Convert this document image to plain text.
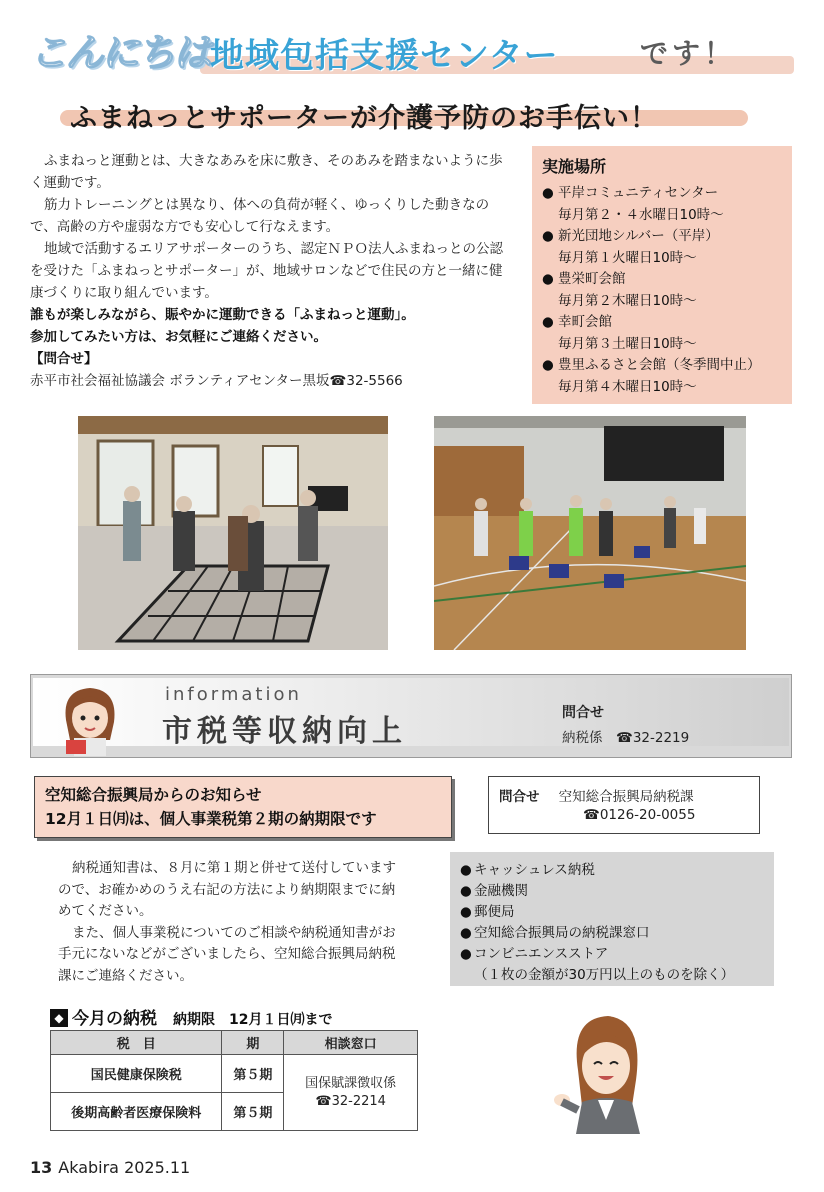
こんにちは 地域包括支援センター	です！
ふまねっとサポーターが介護予防のお手伝い！

ふまねっと運動とは、大きなあみを床に敷き、そのあみを踏まないように歩く運動です。

筋力トレーニングとは異なり、体への負荷が軽く、ゆっくりした動きなので、高齢の方や虚弱な方でも安心して行なえます。

地域で活動するエリアサポーターのうち、認定ＮＰＯ法人ふまねっとの公認を受けた「ふまねっとサポーター」が、地域サロンなどで住民の方と一緒に健康づくりに取り組んでいます。

誰もが楽しみながら、賑やかに運動できる「ふまねっと運動」。

参加してみたい方は、お気軽にご連絡ください。

【問合せ】

赤平市社会福祉協議会 ボランティアセンター黒坂☎32-5566

実施場所
● 平岸コミュニティセンター
毎月第２・４水曜日10時～
● 新光団地シルバー（平岸）
毎月第１火曜日10時～
● 豊栄町会館
毎月第２木曜日10時～
● 幸町会館
毎月第３土曜日10時～
● 豊里ふるさと会館（冬季間中止）
毎月第４木曜日10時～
information
市税等収納向上
問合せ
納税係　☎32-2219
空知総合振興局からのお知らせ
12月１日㈪は、個人事業税第２期の納期限です
問合せ 空知総合振興局納税課
☎0126-20-0055

納税通知書は、８月に第１期と併せて送付していますので、お確かめのうえ右記の方法により納期限までに納めてください。

また、個人事業税についてのご相談や納税通知書がお手元にないなどがございましたら、空知総合振興局納税課にご連絡ください。

● キャッシュレス納税
● 金融機関
● 郵便局
● 空知総合振興局の納税課窓口
● コンビニエンスストア
（１枚の金額が30万円以上のものを除く）
◆ 今月の納税 納期限　12月１日㈪まで
税　目	期	相談窓口
国民健康保険税	第５期	国保賦課徴収係
☎32-2214
後期高齢者医療保険料	第５期	
13 Akabira 2025.11
